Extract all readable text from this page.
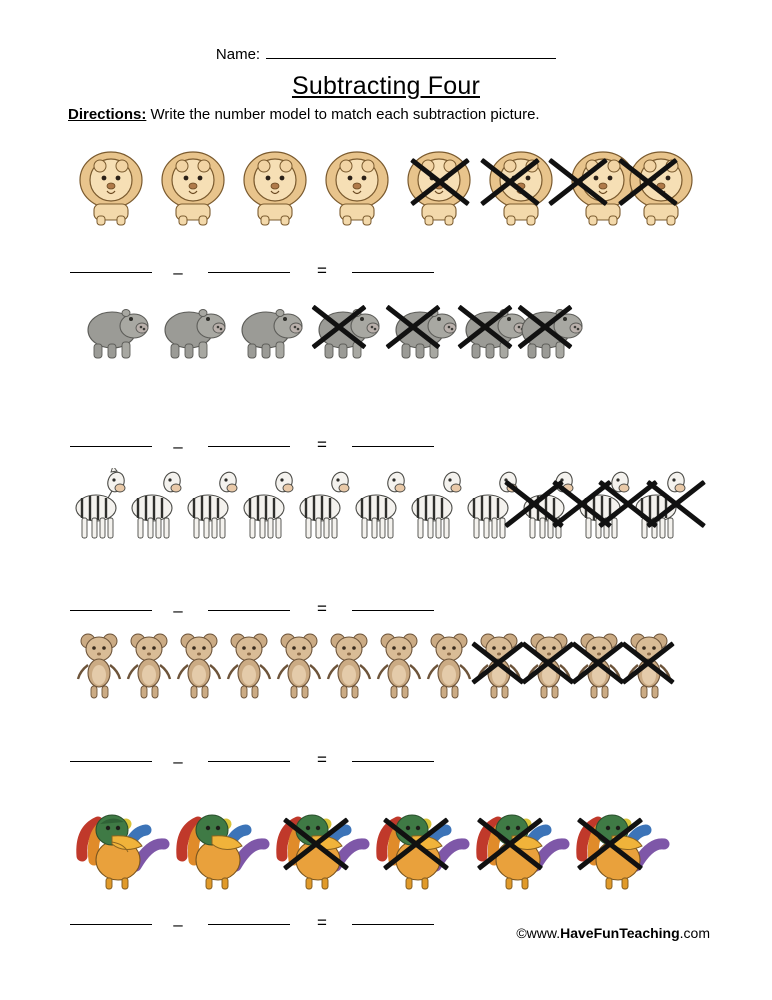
Name:
Subtracting Four
Directions: Write the number model to match each subtraction picture.
–	=
–	=
–	=
–	=
–	=
©www.HaveFunTeaching.com
